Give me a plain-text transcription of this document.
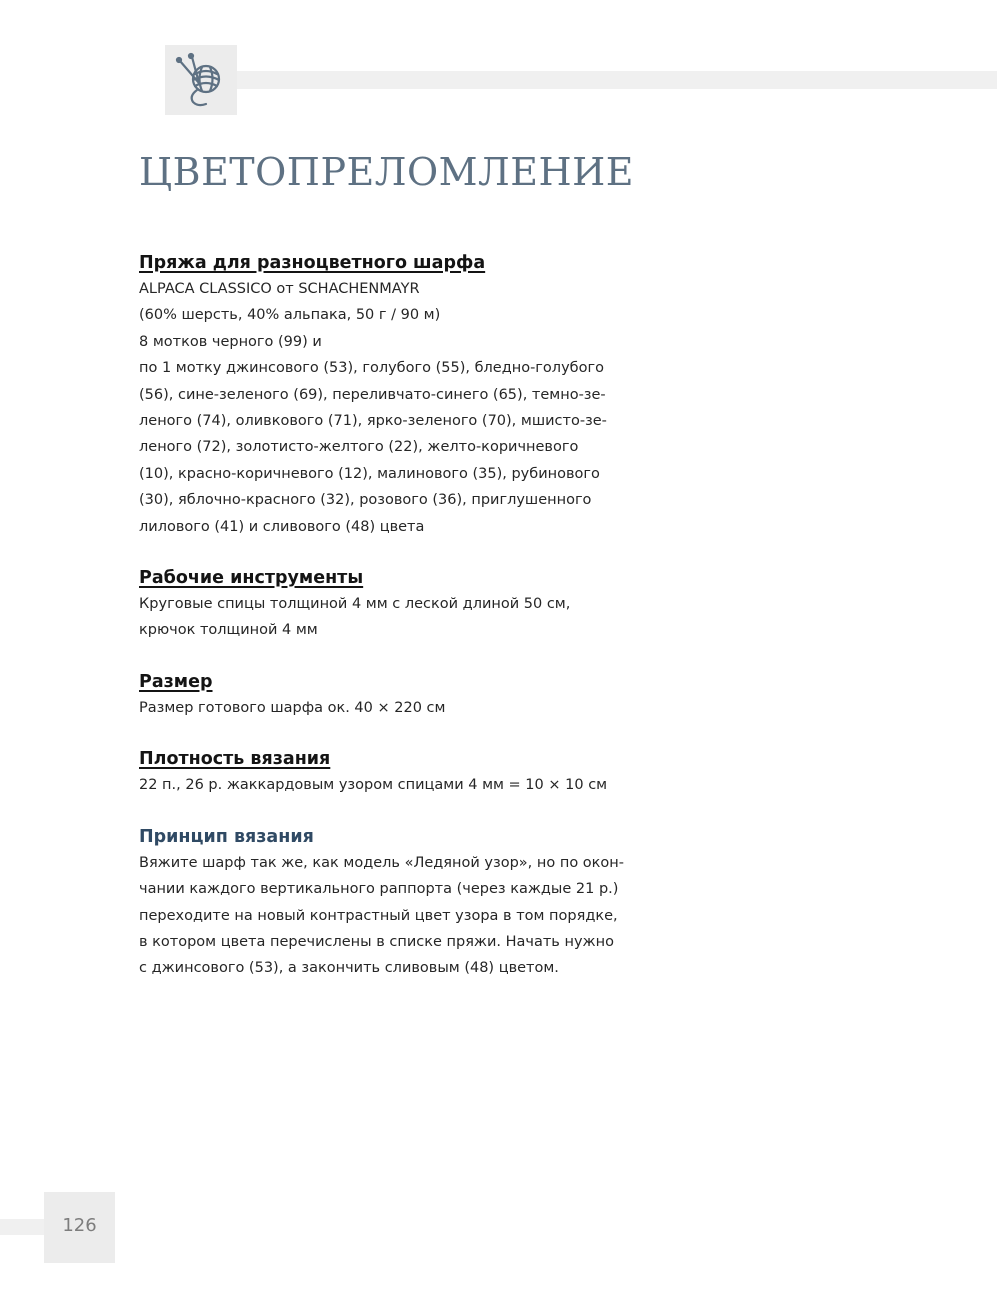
ЦВЕТОПРЕЛОМЛЕНИЕ
Пряжа для разноцветного шарфа
ALPACA CLASSICO от SCHACHENMAYR
(60% шерсть, 40% альпака, 50 г / 90 м)
8 мотков черного (99) и
по 1 мотку джинсового (53), голубого (55), бледно-голубого
(56), сине-зеленого (69), переливчато-синего (65), темно-зе-
леного (74), оливкового (71), ярко-зеленого (70), мшисто-зе-
леного (72), золотисто-желтого (22), желто-коричневого
(10), красно-коричневого (12), малинового (35), рубинового
(30), яблочно-красного (32), розового (36), приглушенного
лилового (41) и сливового (48) цвета
Рабочие инструменты
Круговые спицы толщиной 4 мм с леской длиной 50 см,
крючок толщиной 4 мм
Размер
Размер готового шарфа ок. 40 × 220 см
Плотность вязания
22 п., 26 р. жаккардовым узором спицами 4 мм = 10 × 10 см
Принцип вязания
Вяжите шарф так же, как модель «Ледяной узор», но по окон-
чании каждого вертикального раппорта (через каждые 21 р.)
переходите на новый контрастный цвет узора в том порядке,
в котором цвета перечислены в списке пряжи. Начать нужно
с джинсового (53), а закончить сливовым (48) цветом.
126
